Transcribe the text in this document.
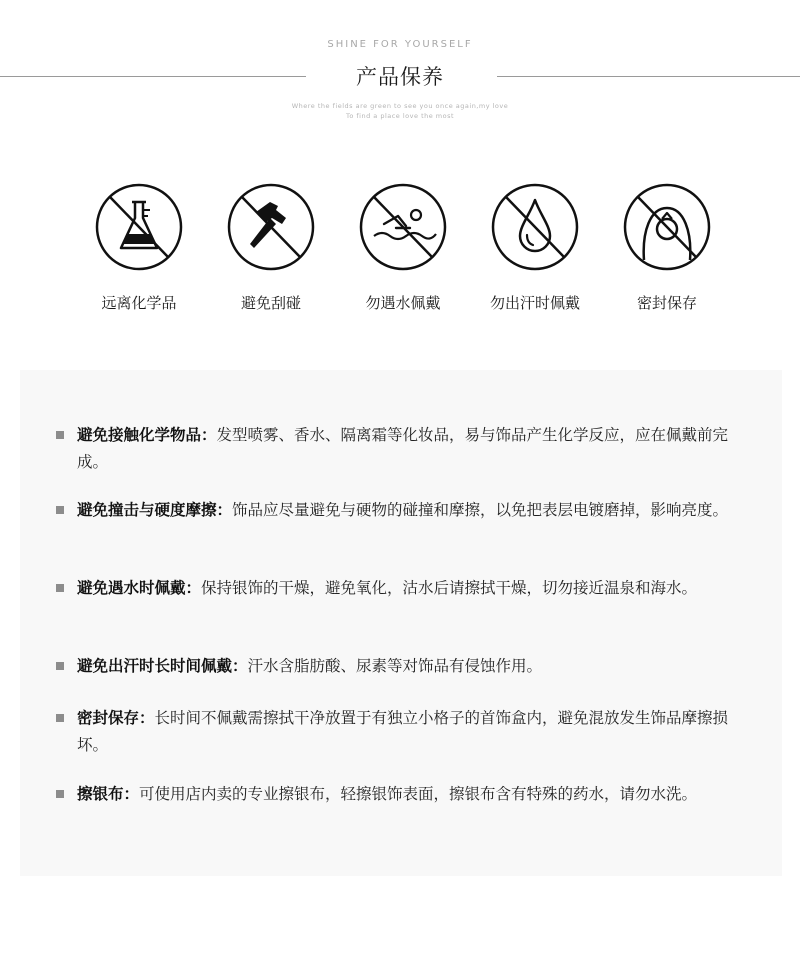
SHINE FOR YOURSELF
产品保养
Where the fields are green to see you once again,my love
To find a place love the most
远离化学品	避免刮碰	勿遇水佩戴	勿出汗时佩戴	密封保存
避免接触化学物品：发型喷雾、香水、隔离霜等化妆品，易与饰品产生化学反应，应在佩戴前完成。
避免撞击与硬度摩擦：饰品应尽量避免与硬物的碰撞和摩擦，以免把表层电镀磨掉，影响亮度。
避免遇水时佩戴：保持银饰的干燥，避免氧化，沽水后请擦拭干燥，切勿接近温泉和海水。
避免出汗时长时间佩戴：汗水含脂肪酸、尿素等对饰品有侵蚀作用。
密封保存：长时间不佩戴需擦拭干净放置于有独立小格子的首饰盒内，避免混放发生饰品摩擦损坏。
擦银布：可使用店内卖的专业擦银布，轻擦银饰表面，擦银布含有特殊的药水，请勿水洗。
